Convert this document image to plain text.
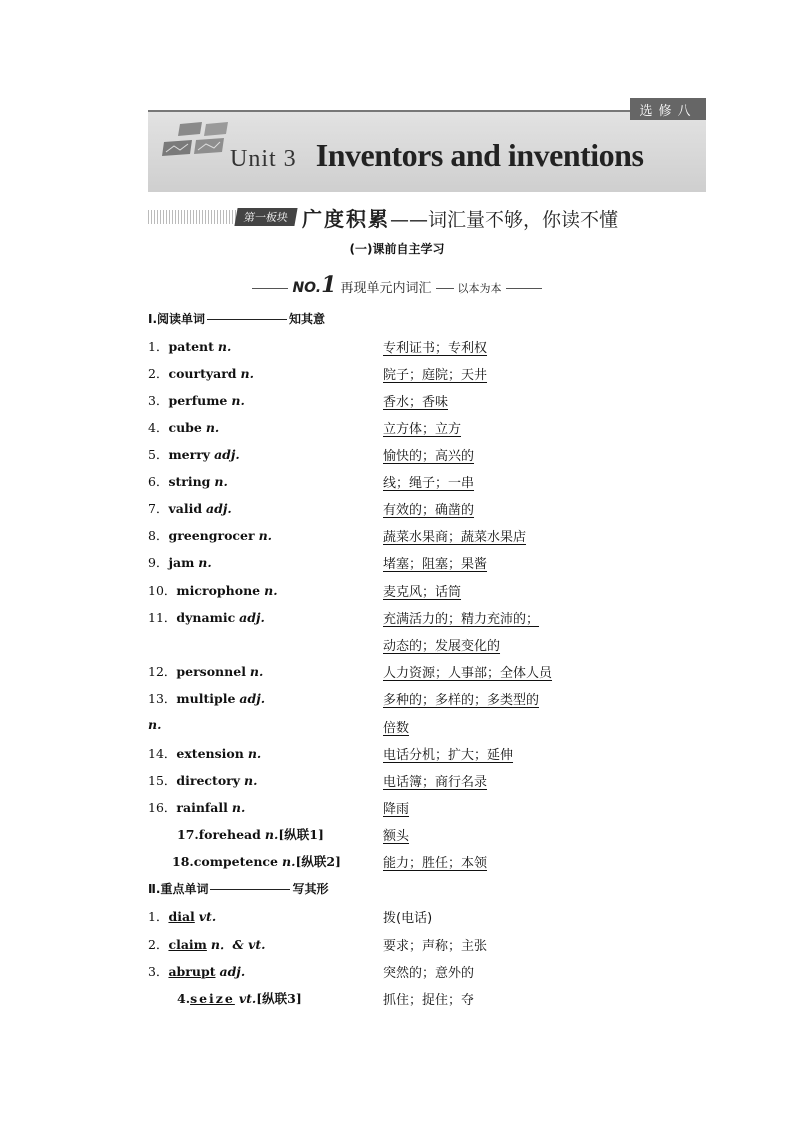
选修八
Unit 3 Inventors and inventions
第一板块 广度积累——词汇量不够，你读不懂
(一)课前自主学习
NO.1 再现单元内词汇 以本为本
Ⅰ.阅读单词	知其意
1．patent n.	专利证书；专利权
2．courtyard n.	院子；庭院；天井
3．perfume n.	香水；香味
4．cube n.	立方体；立方
5．merry adj.	愉快的；高兴的
6．string n.	线；绳子；一串
7．valid adj.	有效的；确凿的
8．greengrocer n.	蔬菜水果商；蔬菜水果店
9．jam n.	堵塞；阻塞；果酱
10．microphone n.	麦克风；话筒
11．dynamic adj.	充满活力的；精力充沛的；
动态的；发展变化的
12．personnel n.	人力资源；人事部；全体人员
13．multiple adj.	多种的；多样的；多类型的
n.	倍数
14．extension n.	电话分机；扩大；延伸
15．directory n.	电话簿；商行名录
16．rainfall n.	降雨
17.forehead n.[纵联1]	额头
18.competence n.[纵联2]	能力；胜任；本领
Ⅱ.重点单词	写其形
1．dial vt.	拨(电话)
2．claim n．& vt.	要求；声称；主张
3．abrupt adj.	突然的；意外的
4.seize vt.[纵联3]	抓住；捉住；夺
